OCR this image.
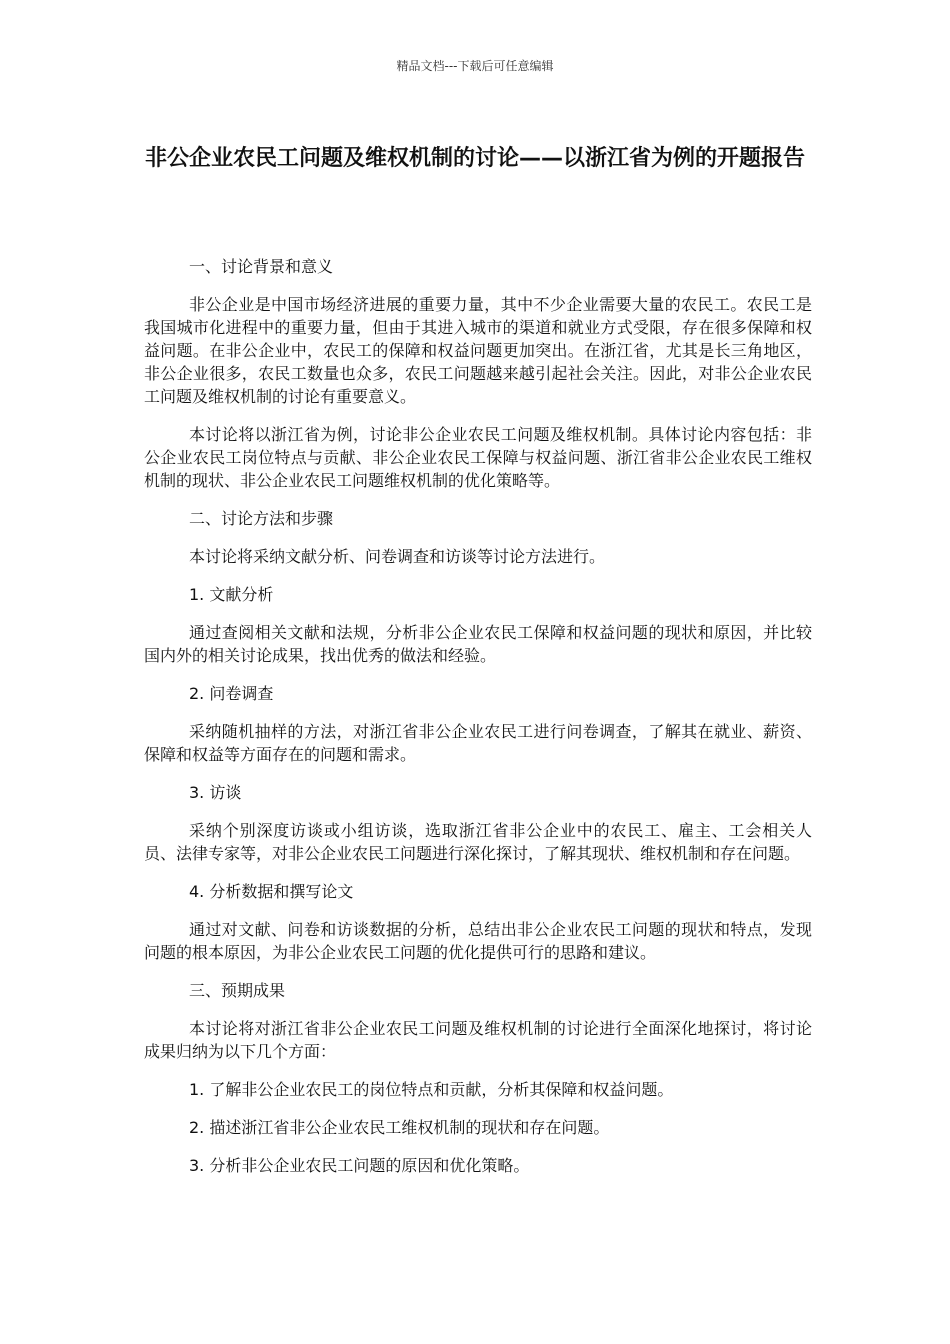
精品文档---下载后可任意编辑
非公企业农民工问题及维权机制的讨论——以浙江省为例的开题报告

一、讨论背景和意义

非公企业是中国市场经济进展的重要力量，其中不少企业需要大量的农民工。农民工是我国城市化进程中的重要力量，但由于其进入城市的渠道和就业方式受限，存在很多保障和权益问题。在非公企业中，农民工的保障和权益问题更加突出。在浙江省，尤其是长三角地区，非公企业很多，农民工数量也众多，农民工问题越来越引起社会关注。因此，对非公企业农民工问题及维权机制的讨论有重要意义。

本讨论将以浙江省为例，讨论非公企业农民工问题及维权机制。具体讨论内容包括：非公企业农民工岗位特点与贡献、非公企业农民工保障与权益问题、浙江省非公企业农民工维权机制的现状、非公企业农民工问题维权机制的优化策略等。

二、讨论方法和步骤

本讨论将采纳文献分析、问卷调查和访谈等讨论方法进行。

1. 文献分析

通过查阅相关文献和法规，分析非公企业农民工保障和权益问题的现状和原因，并比较国内外的相关讨论成果，找出优秀的做法和经验。

2. 问卷调查

采纳随机抽样的方法，对浙江省非公企业农民工进行问卷调查，了解其在就业、薪资、保障和权益等方面存在的问题和需求。

3. 访谈

采纳个别深度访谈或小组访谈，选取浙江省非公企业中的农民工、雇主、工会相关人员、法律专家等，对非公企业农民工问题进行深化探讨，了解其现状、维权机制和存在问题。

4. 分析数据和撰写论文

通过对文献、问卷和访谈数据的分析，总结出非公企业农民工问题的现状和特点，发现问题的根本原因，为非公企业农民工问题的优化提供可行的思路和建议。

三、预期成果

本讨论将对浙江省非公企业农民工问题及维权机制的讨论进行全面深化地探讨，将讨论成果归纳为以下几个方面：

1. 了解非公企业农民工的岗位特点和贡献，分析其保障和权益问题。

2. 描述浙江省非公企业农民工维权机制的现状和存在问题。

3. 分析非公企业农民工问题的原因和优化策略。
